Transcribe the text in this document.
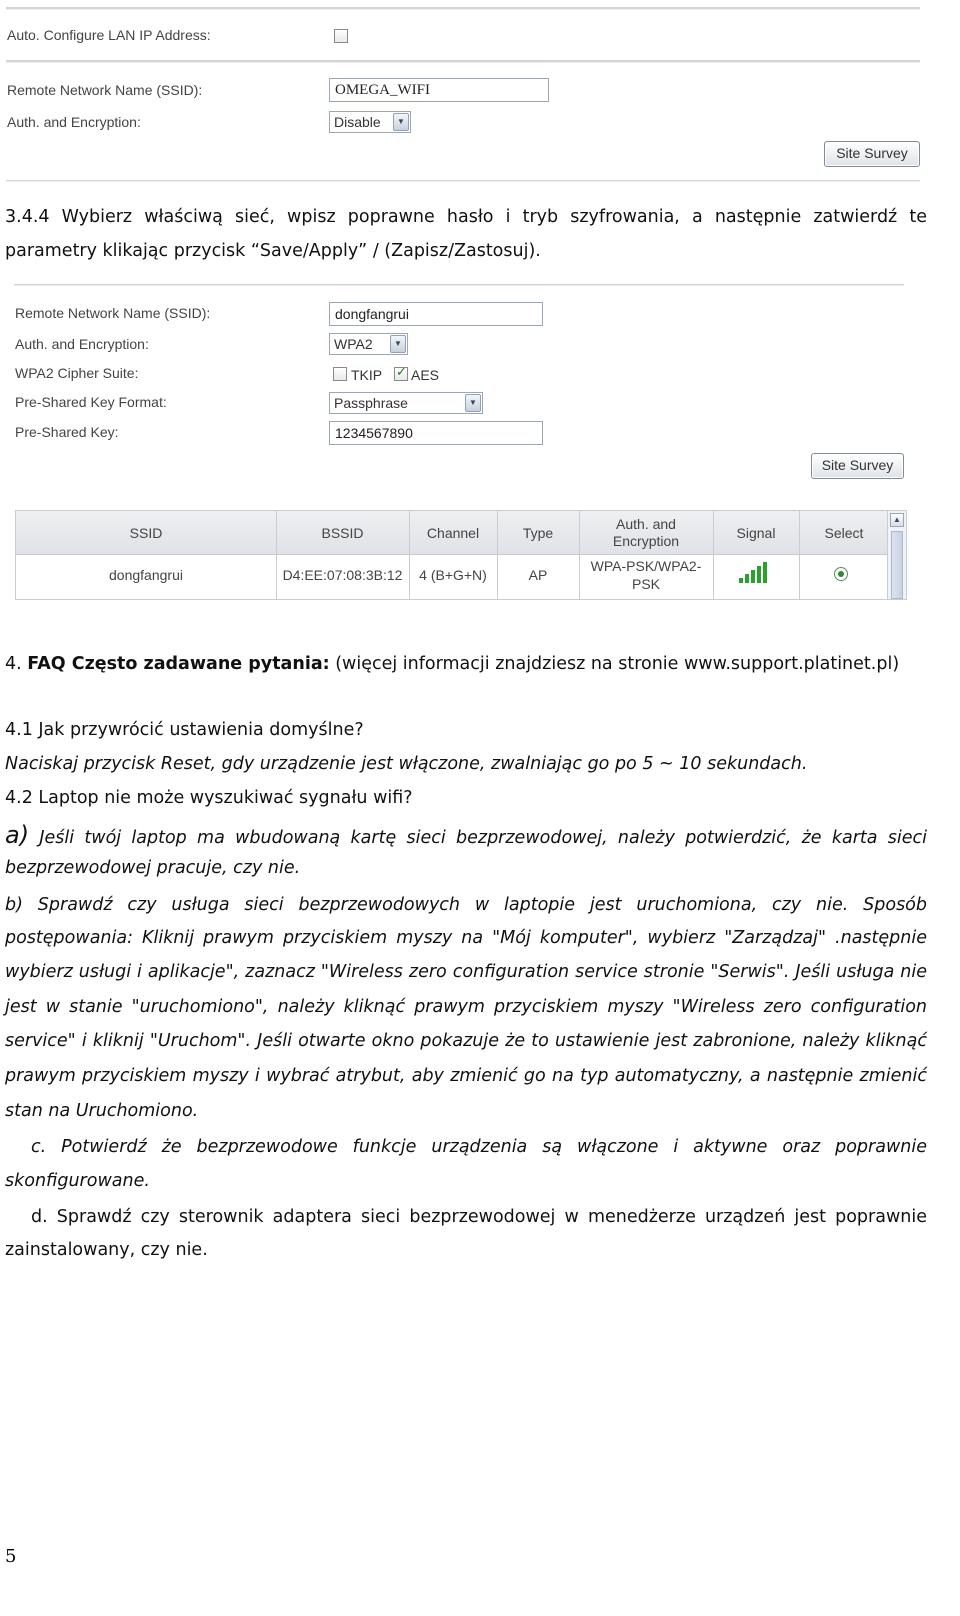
Auto. Configure LAN IP Address:
Remote Network Name (SSID):	OMEGA_WIFI
Auth. and Encryption:	Disable	▼
Site Survey
3.4.4 Wybierz właściwą sieć, wpisz poprawne hasło i tryb szyfrowania, a następnie zatwierdź te
parametry klikając przycisk “Save/Apply” / (Zapisz/Zastosuj).
Remote Network Name (SSID):	dongfangrui
Auth. and Encryption:	WPA2	▼
WPA2 Cipher Suite:	TKIP
✓ AES
Pre-Shared Key Format:	Passphrase	▼
Pre-Shared Key:	1234567890
Site Survey
SSID	BSSID	Channel	Type
Auth. and
Encryption	Signal	Select
dongfangrui	D4:EE:07:08:3B:12	4 (B+G+N)	AP
WPA-PSK/WPA2-
PSK
▲
4. FAQ Często zadawane pytania: (więcej informacji znajdziesz na stronie www.support.platinet.pl)
4.1 Jak przywrócić ustawienia domyślne?
Naciskaj przycisk Reset, gdy urządzenie jest włączone, zwalniając go po 5 ~ 10 sekundach.
4.2 Laptop nie może wyszukiwać sygnału wifi?
a) Jeśli twój laptop ma wbudowaną kartę sieci bezprzewodowej, należy potwierdzić, że karta sieci
bezprzewodowej pracuje, czy nie.
b) Sprawdź czy usługa sieci bezprzewodowych w laptopie jest uruchomiona, czy nie. Sposób
postępowania: Kliknij prawym przyciskiem myszy na "Mój komputer", wybierz "Zarządzaj" .następnie
wybierz usługi i aplikacje", zaznacz "Wireless zero configuration service stronie "Serwis". Jeśli usługa nie
jest w stanie "uruchomiono", należy kliknąć prawym przyciskiem myszy "Wireless zero configuration
service" i kliknij "Uruchom". Jeśli otwarte okno pokazuje że to ustawienie jest zabronione, należy kliknąć
prawym przyciskiem myszy i wybrać atrybut, aby zmienić go na typ automatyczny, a następnie zmienić
stan na Uruchomiono.
c. Potwierdź że bezprzewodowe funkcje urządzenia są włączone i aktywne oraz poprawnie
skonfigurowane.
d. Sprawdź czy sterownik adaptera sieci bezprzewodowej w menedżerze urządzeń jest poprawnie
zainstalowany, czy nie.
5
